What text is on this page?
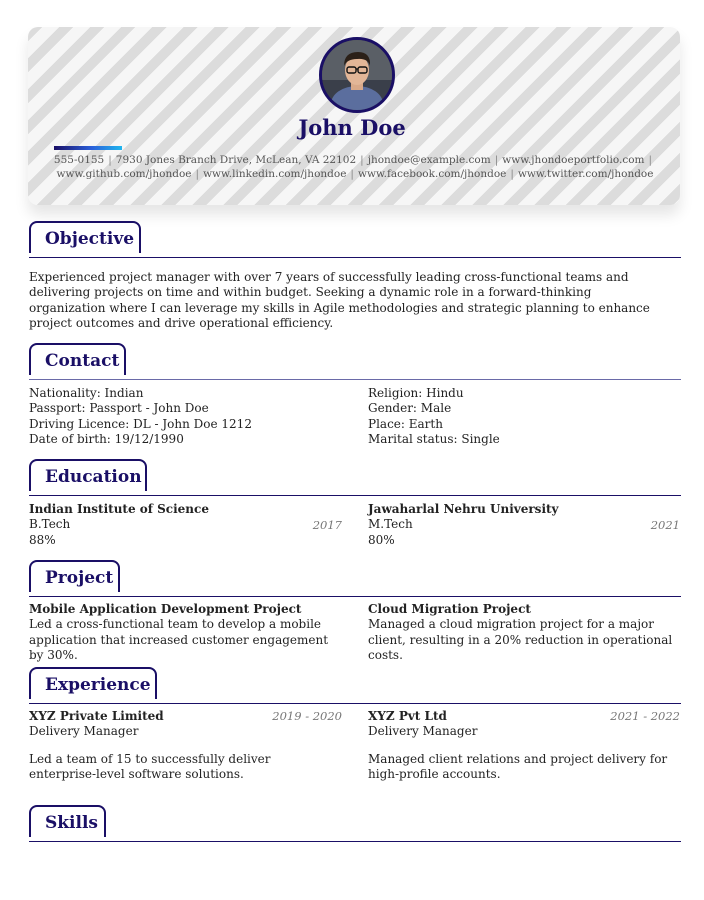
John Doe
555-0155 | 7930 Jones Branch Drive, McLean, VA 22102 | jhondoe@example.com | www.jhondoeportfolio.com |
www.github.com/jhondoe | www.linkedin.com/jhondoe | www.facebook.com/jhondoe | www.twitter.com/jhondoe
Objective
Experienced project manager with over 7 years of successfully leading cross-functional teams and delivering projects on time and within budget. Seeking a dynamic role in a forward-thinking organization where I can leverage my skills in Agile methodologies and strategic planning to enhance project outcomes and drive operational efficiency.
Contact
Nationality: Indian
Passport: Passport - John Doe
Driving Licence: DL - John Doe 1212
Date of birth: 19/12/1990
Religion: Hindu
Gender: Male
Place: Earth
Marital status: Single
Education
Indian Institute of Science
B.Tech
88%
2017
Jawaharlal Nehru University
M.Tech
80%
2021
Project
Mobile Application Development Project
Led a cross-functional team to develop a mobile application that increased customer engagement by 30%.
Cloud Migration Project
Managed a cloud migration project for a major client, resulting in a 20% reduction in operational costs.
Experience
XYZ Private Limited
Delivery Manager
Led a team of 15 to successfully deliver enterprise-level software solutions.
2019 - 2020 XYZ Pvt Ltd
Delivery Manager
Managed client relations and project delivery for high-profile accounts.
2021 - 2022
Skills
